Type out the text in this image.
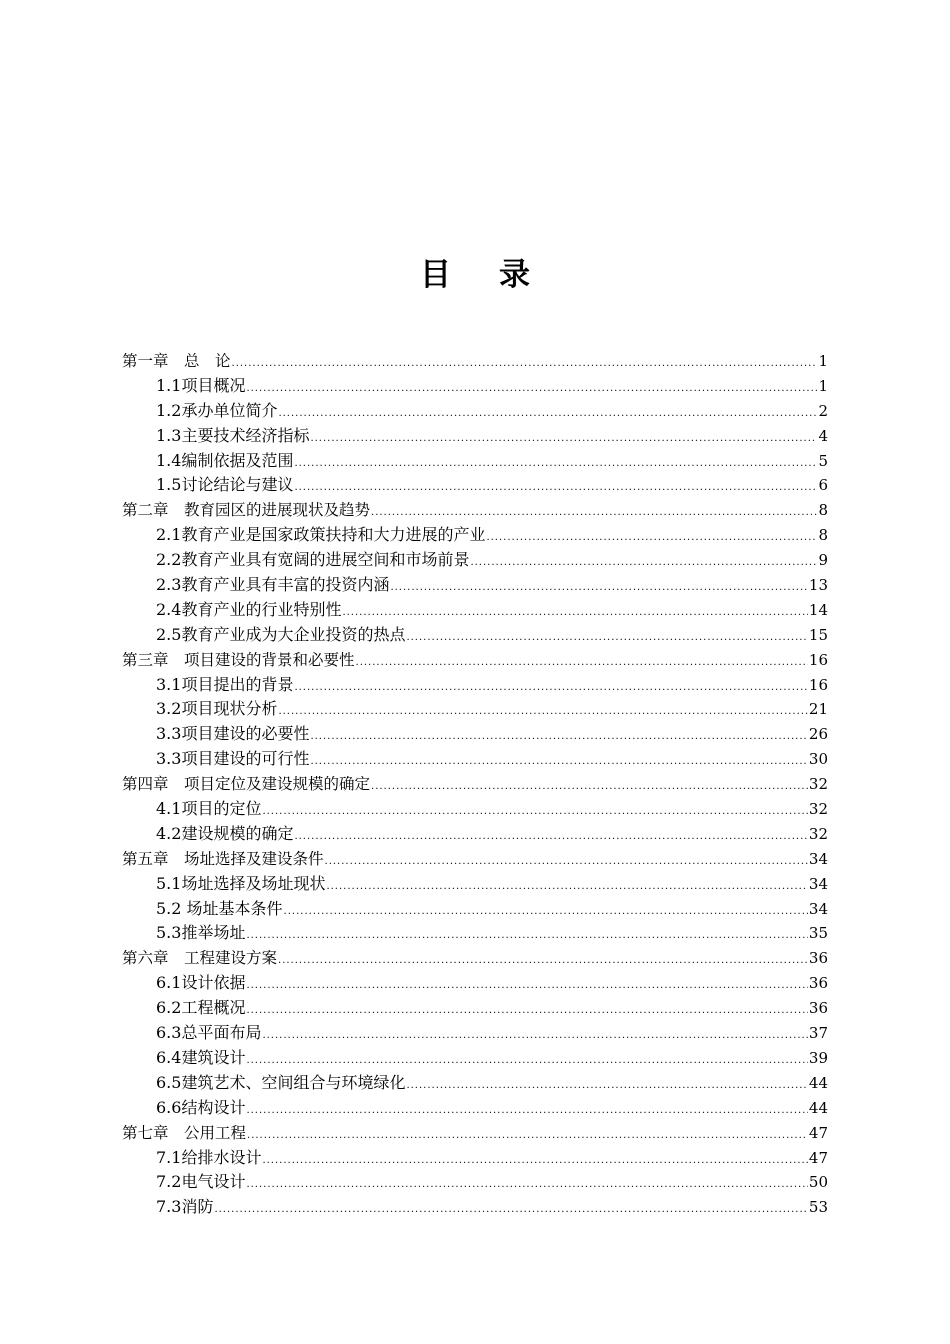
目 录
第一章　总　论 .....	1
1.1项目概况 .....	1
1.2承办单位简介 .....	2
1.3主要技术经济指标 .....	4
1.4编制依据及范围 .....	5
1.5讨论结论与建议 .....	6
第二章　教育园区的进展现状及趋势 .....	8
2.1教育产业是国家政策扶持和大力进展的产业 .....	8
2.2教育产业具有宽阔的进展空间和市场前景 .....	9
2.3教育产业具有丰富的投资内涵 .....	13
2.4教育产业的行业特别性 .....	14
2.5教育产业成为大企业投资的热点 .....	15
第三章　项目建设的背景和必要性 .....	16
3.1项目提出的背景 .....	16
3.2项目现状分析 .....	21
3.3项目建设的必要性 .....	26
3.3项目建设的可行性 .....	30
第四章　项目定位及建设规模的确定 .....	32
4.1项目的定位 .....	32
4.2建设规模的确定 .....	32
第五章　场址选择及建设条件 .....	34
5.1场址选择及场址现状 .....	34
5.2 场址基本条件 .....	34
5.3推举场址 .....	35
第六章　工程建设方案 .....	36
6.1设计依据 .....	36
6.2工程概况 .....	36
6.3总平面布局 .....	37
6.4建筑设计 .....	39
6.5建筑艺术、空间组合与环境绿化 .....	44
6.6结构设计 .....	44
第七章　公用工程 .....	47
7.1给排水设计 .....	47
7.2电气设计 .....	50
7.3消防 .....	53
